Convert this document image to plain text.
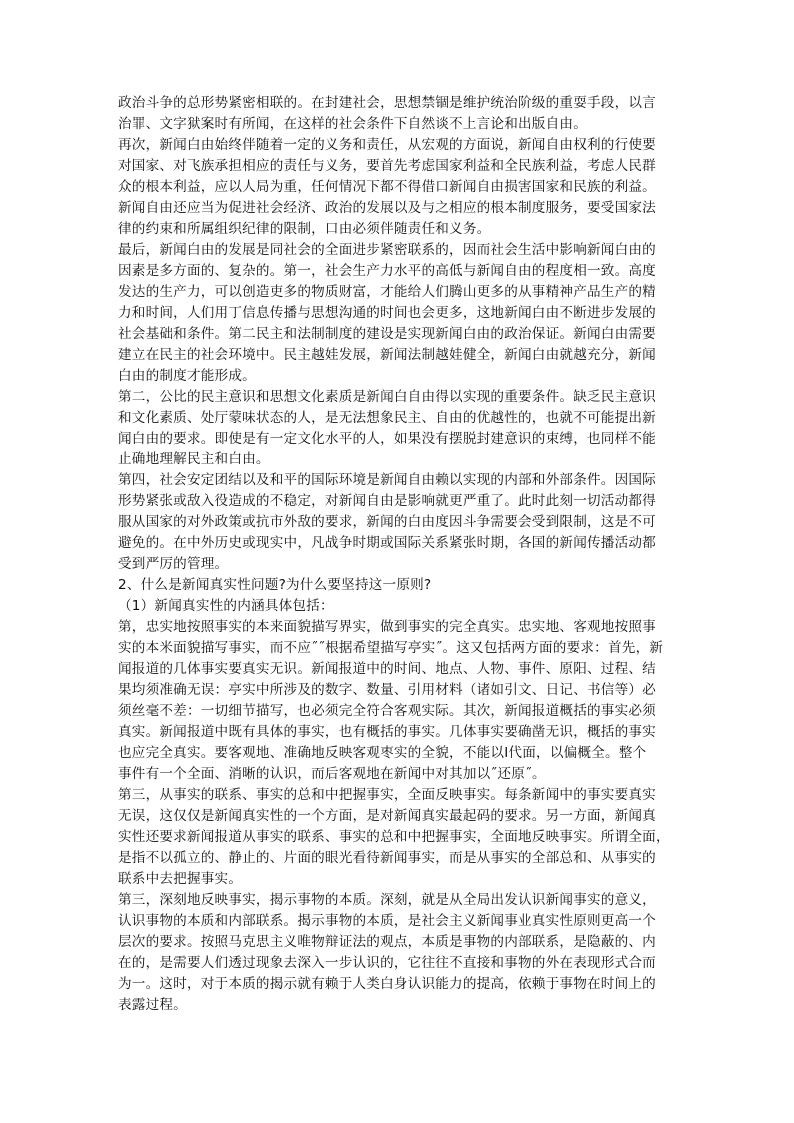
政治斗争的总形势紧密相联的。在封建社会，思想禁锢是维护统治阶级的重耍手段，以言
治罪、文字狱案时有所闻，在这样的社会条件下自然谈不上言论和出版自由。
再次，新闻白由始终伴随着一定的义务和责任，从宏观的方面说，新闻自由权利的行使要
对国家、对飞族承担相应的责任与义务，要首先考虑国家利益和全民族利益，考虑人民群
众的根本利益，应以人局为重，任何情况下都不得借口新闻自由损害国家和民族的利益。
新闻自由还应当为促进社会经济、政治的发展以及与之相应的根本制度服务，要受国家法
律的约束和所属组织纪律的限制，口由必须伴随责任和义务。
最后，新闻白由的发展是同社会的全面进步紧密联系的，因而社会生活中影响新闻白由的
因素是多方面的、复杂的。第一，社会生产力水平的高低与新闻自由的程度相一致。高度
发达的生产力，可以创造吏多的物质财富，才能给人们腾山更多的从事精神产品生产的精
力和时间，人们用丁信息传播与思想沟通的时间也会更多，这地新闻白由不断进步发展的
社会基础和条件。第二民主和法制制度的建设是实现新闻白由的政治保证。新闻白由需要
建立在民主的社会环境中。民主越娃发展，新闻法制越娃健全，新闻白由就越充分，新闻
白由的制度才能形成。
第二，公比的民主意识和思想文化素质是新闻白自由得以实现的重要条件。缺乏民主意识
和文化素质、处厅蒙味状态的人，是无法想象民主、自由的优越性的，也就不可能提出新
闻白由的要求。即使是有一定文化水平的人，如果没有摆脱封建意识的束缚，也同样不能
止确地理解民主和白由。
第四，社会安定团结以及和平的国际环境是新闻自由赖以实现的内部和外部条件。因国际
形势紧张或敌入役造成的不稳定，对新闻自由是影响就更严重了。此时此刻一切活动都得
服从国家的对外政策或抗市外敌的要求，新闻的白由度因斗争需要会受到限制，这是不可
避免的。在中外历史或现实中，凡战争时期或国际关系紧张时期，各国的新闻传播活动都
受到严厉的管理。
2、什么是新闻真实性问题?为什么要坚持这一原则?
（1）新闻真实性的内涵具体包括：
第，忠实地按照事实的本来面貌描写界实，做到事实的完全真实。忠实地、客观地按照事
实的本米面貌描写事实，而不应˝˝根据希望描写亭实˝。这又包括两方面的要求：首先，新
闻报道的几体事实要真实无识。新闻报道中的时间、地点、人物、事件、原阳、过程、结
果均须准确无误：亭实中所涉及的数字、数量、引用材料（诸如引文、日记、书信等）必
须丝毫不差：一切细节描写，也必须完全符合客观实际。其次，新闻报道概括的事实必须
真实。新闻报道中既有具体的事实，也有概括的事实。几体事实要确凿无识，概括的事实
也应完全真实。要客观地、准确地反映客观枣实的全貌，不能以I代面，以偏概全。整个
事件有一个全面、消晰的认识，而后客观地在新闻中对其加以˝还原˝。
第三，从事实的联系、事实的总和中把握事实，全面反映事实。每条新闻中的事实要真实
无误，这仅仅是新闻真实性的一个方面，是对新闻真实最起码的要求。另一方面，新闻真
实性还要求新闻报道从事实的联系、事实的总和中把握事实，全面地反映事实。所谓全面，
是指不以孤立的、静止的、片面的眼光看待新闻事实，而是从事实的全部总和、从事实的
联系中去把握事实。
第三，深刻地反映事实，揭示事物的本质。深刻，就是从全局出发认识新闻事实的意义，
认识事物的本质和内部联系。揭示事物的本质，是社会主义新闻事业真实性原则更高一个
层次的要求。按照马克思主义唯物辩证法的观点，本质是事物的内部联系，是隐蔽的、内
在的，是需要人们透过现象去深入一步认识的，它往往不直接和事物的外在表现形式合而
为一。这时，对于本质的揭示就有赖于人类白身认识能力的提高，依赖于事物在时间上的
表露过程。
